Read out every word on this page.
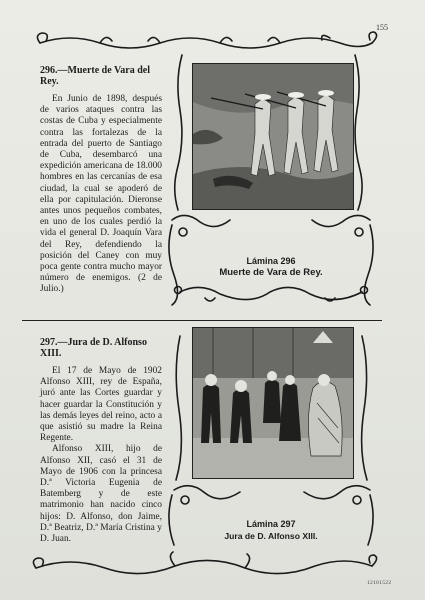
155
296.—Muerte de Vara del Rey.
En Junio de 1898, después de varios ataques contra las costas de Cuba y especialmente contra las fortalezas de la entrada del puerto de Santiago de Cuba, desembarcó una expedición americana de 18.000 hombres en las cercanías de esa ciudad, la cual se apoderó de ella por capitulación. Dieronse antes unos pequeños combates, en uno de los cuales perdió la vida el general D. Joaquín Vara del Rey, defendiendo la posición del Caney con muy poca gente contra mucho mayor número de enemigos. (2 de Julio.)
Lámina 296
Muerte de Vara de Rey.
297.—Jura de D. Alfonso XIII.
El 17 de Mayo de 1902 Alfonso XIII, rey de España, juró ante las Cortes guardar y hacer guardar la Constitución y las demás leyes del reino, acto a que asistió su madre la Reina Regente.
Alfonso XIII, hijo de Alfonso XII, casó el 31 de Mayo de 1906 con la princesa D.ª Victoria Eugenia de Batemberg y de este matrimonio han nacido cinco hijos: D. Alfonso, don Jaime, D.ª Beatriz, D.ª María Cristina y D. Juan.
Lámina 297
Jura de D. Alfonso XIII.
12101522
